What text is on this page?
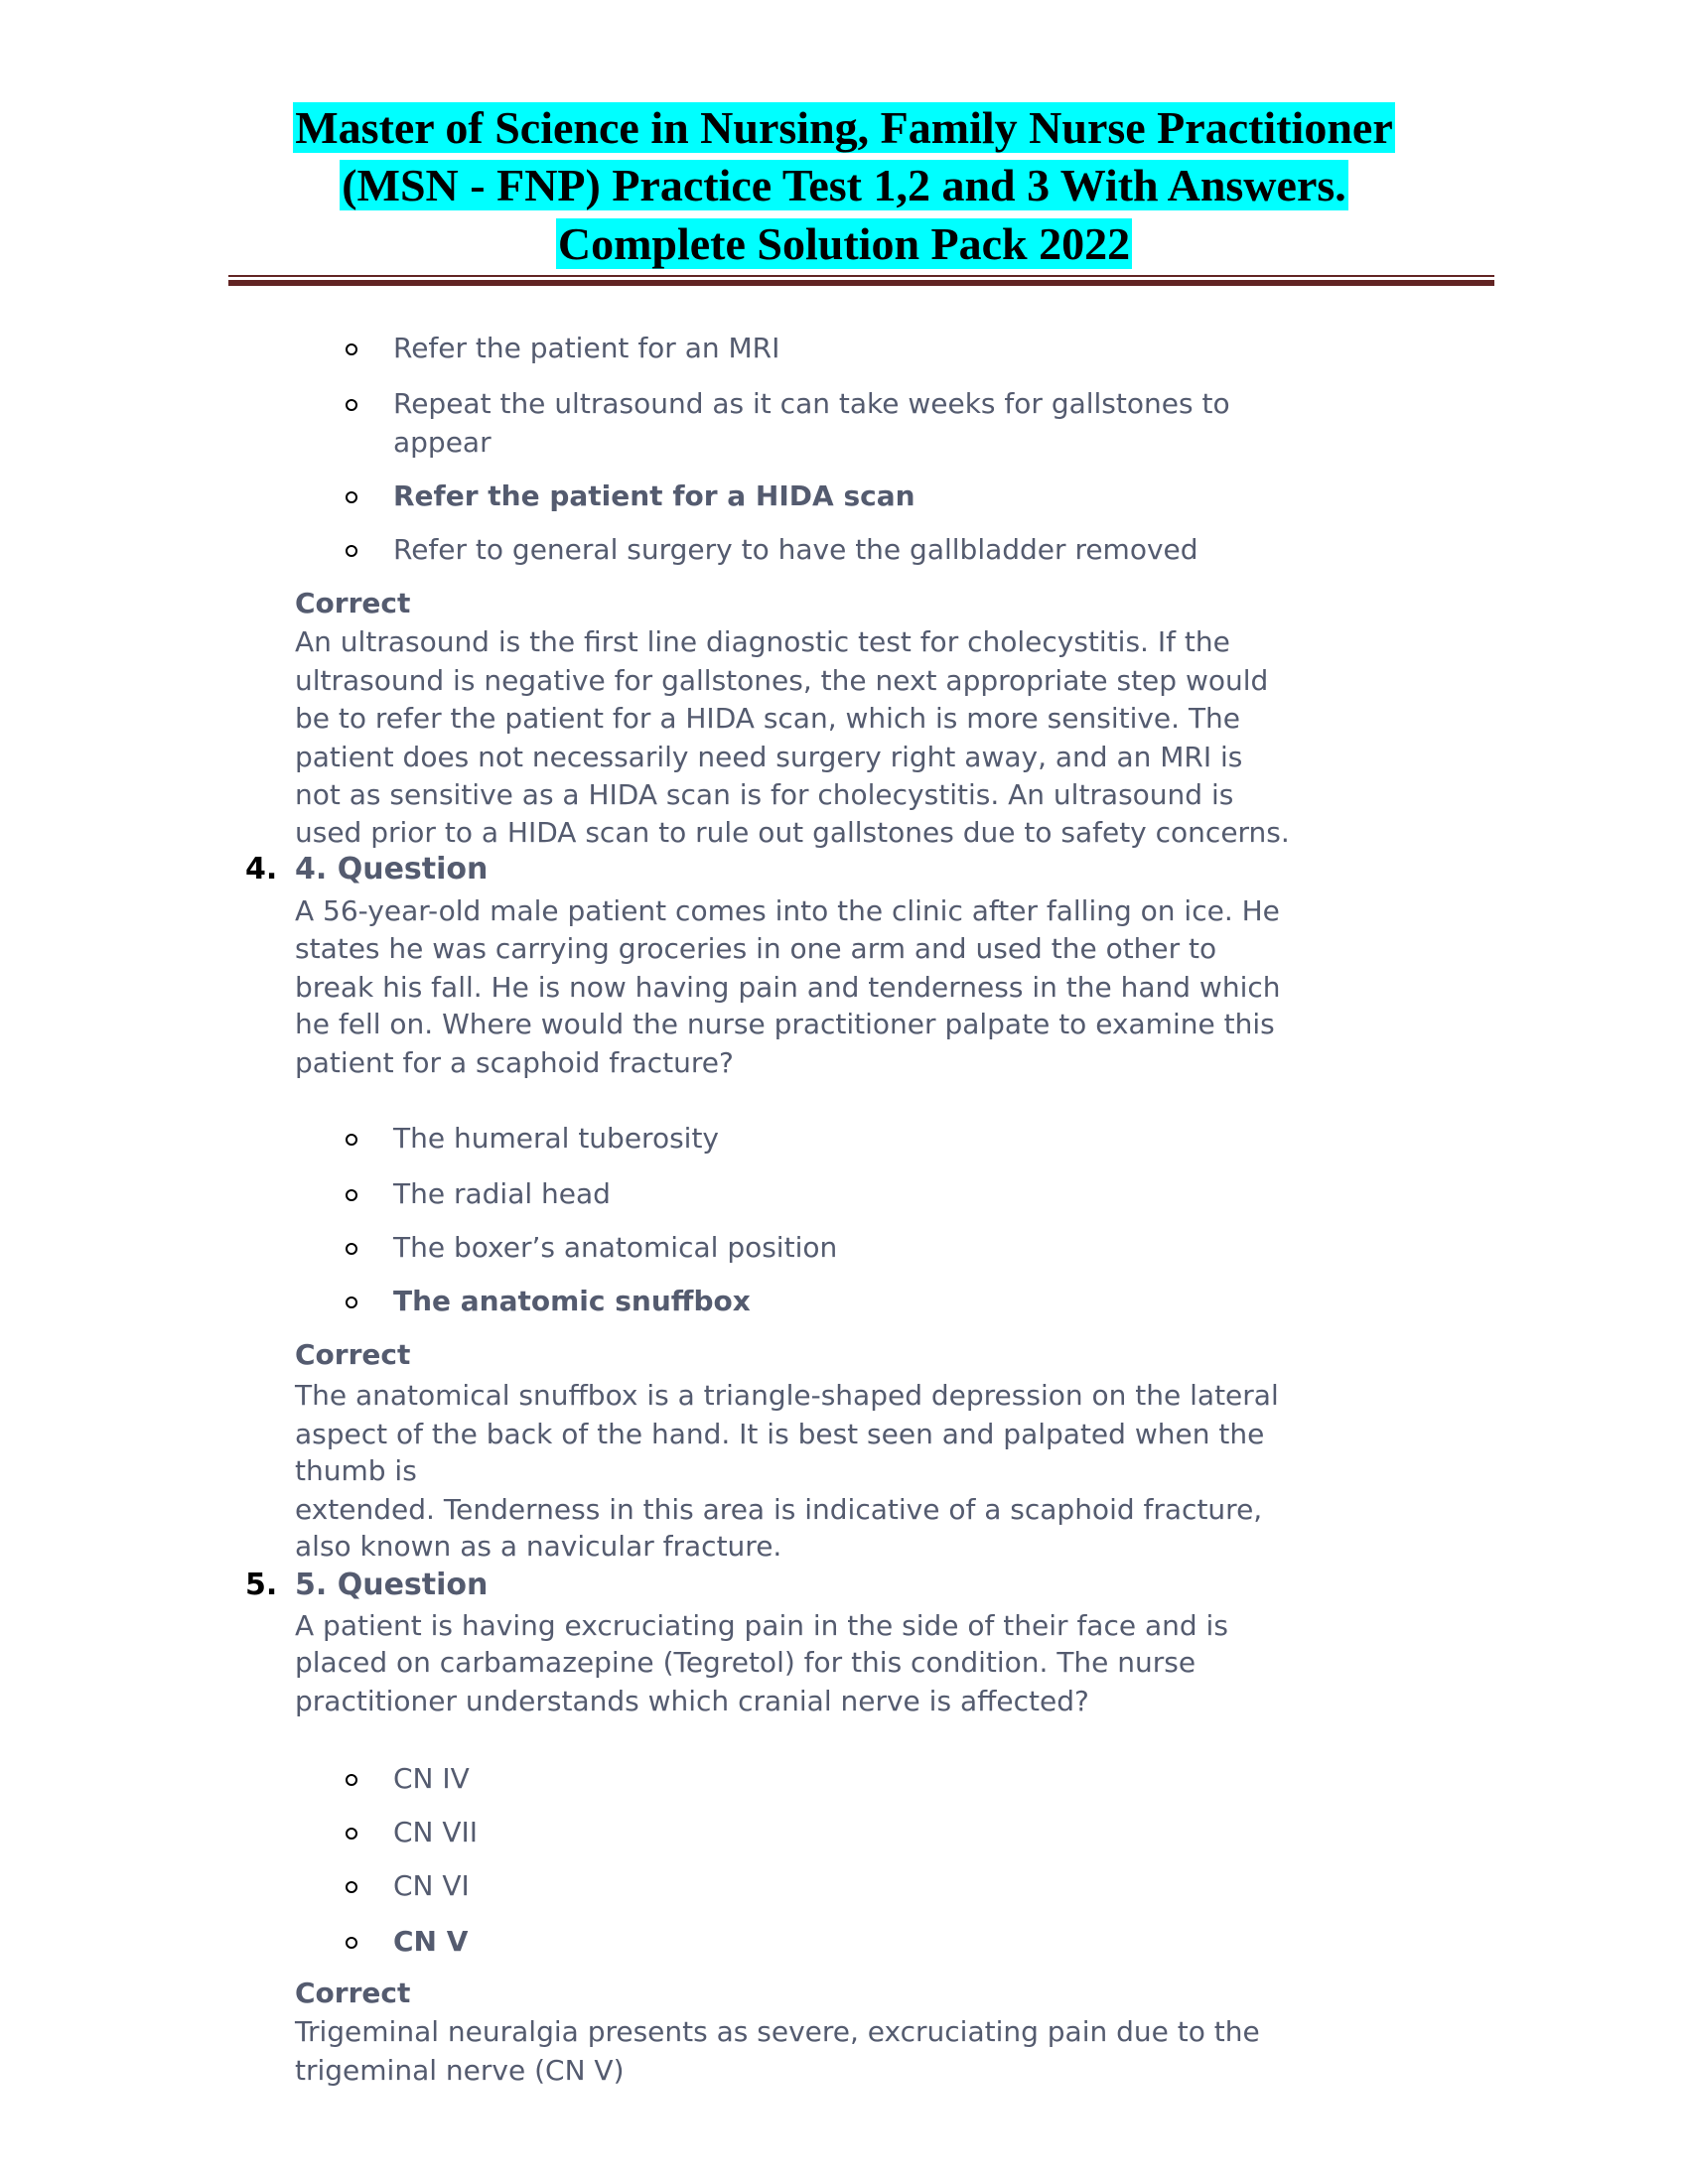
Master of Science in Nursing, Family Nurse Practitioner
(MSN - FNP) Practice Test 1,2 and 3 With Answers.
Complete Solution Pack 2022
Refer the patient for an MRI
Repeat the ultrasound as it can take weeks for gallstones to
appear
Refer the patient for a HIDA scan
Refer to general surgery to have the gallbladder removed
Correct
An ultrasound is the first line diagnostic test for cholecystitis. If the
ultrasound is negative for gallstones, the next appropriate step would
be to refer the patient for a HIDA scan, which is more sensitive. The
patient does not necessarily need surgery right away, and an MRI is
not as sensitive as a HIDA scan is for cholecystitis. An ultrasound is
used prior to a HIDA scan to rule out gallstones due to safety concerns.
4. 4. Question
A 56-year-old male patient comes into the clinic after falling on ice. He
states he was carrying groceries in one arm and used the other to
break his fall. He is now having pain and tenderness in the hand which
he fell on. Where would the nurse practitioner palpate to examine this
patient for a scaphoid fracture?
The humeral tuberosity
The radial head
The boxer’s anatomical position
The anatomic snuffbox
Correct
The anatomical snuffbox is a triangle-shaped depression on the lateral
aspect of the back of the hand. It is best seen and palpated when the
thumb is
extended. Tenderness in this area is indicative of a scaphoid fracture,
also known as a navicular fracture.
5. 5. Question
A patient is having excruciating pain in the side of their face and is
placed on carbamazepine (Tegretol) for this condition. The nurse
practitioner understands which cranial nerve is affected?
CN IV
CN VII
CN VI
CN V
Correct
Trigeminal neuralgia presents as severe, excruciating pain due to the
trigeminal nerve (CN V)
